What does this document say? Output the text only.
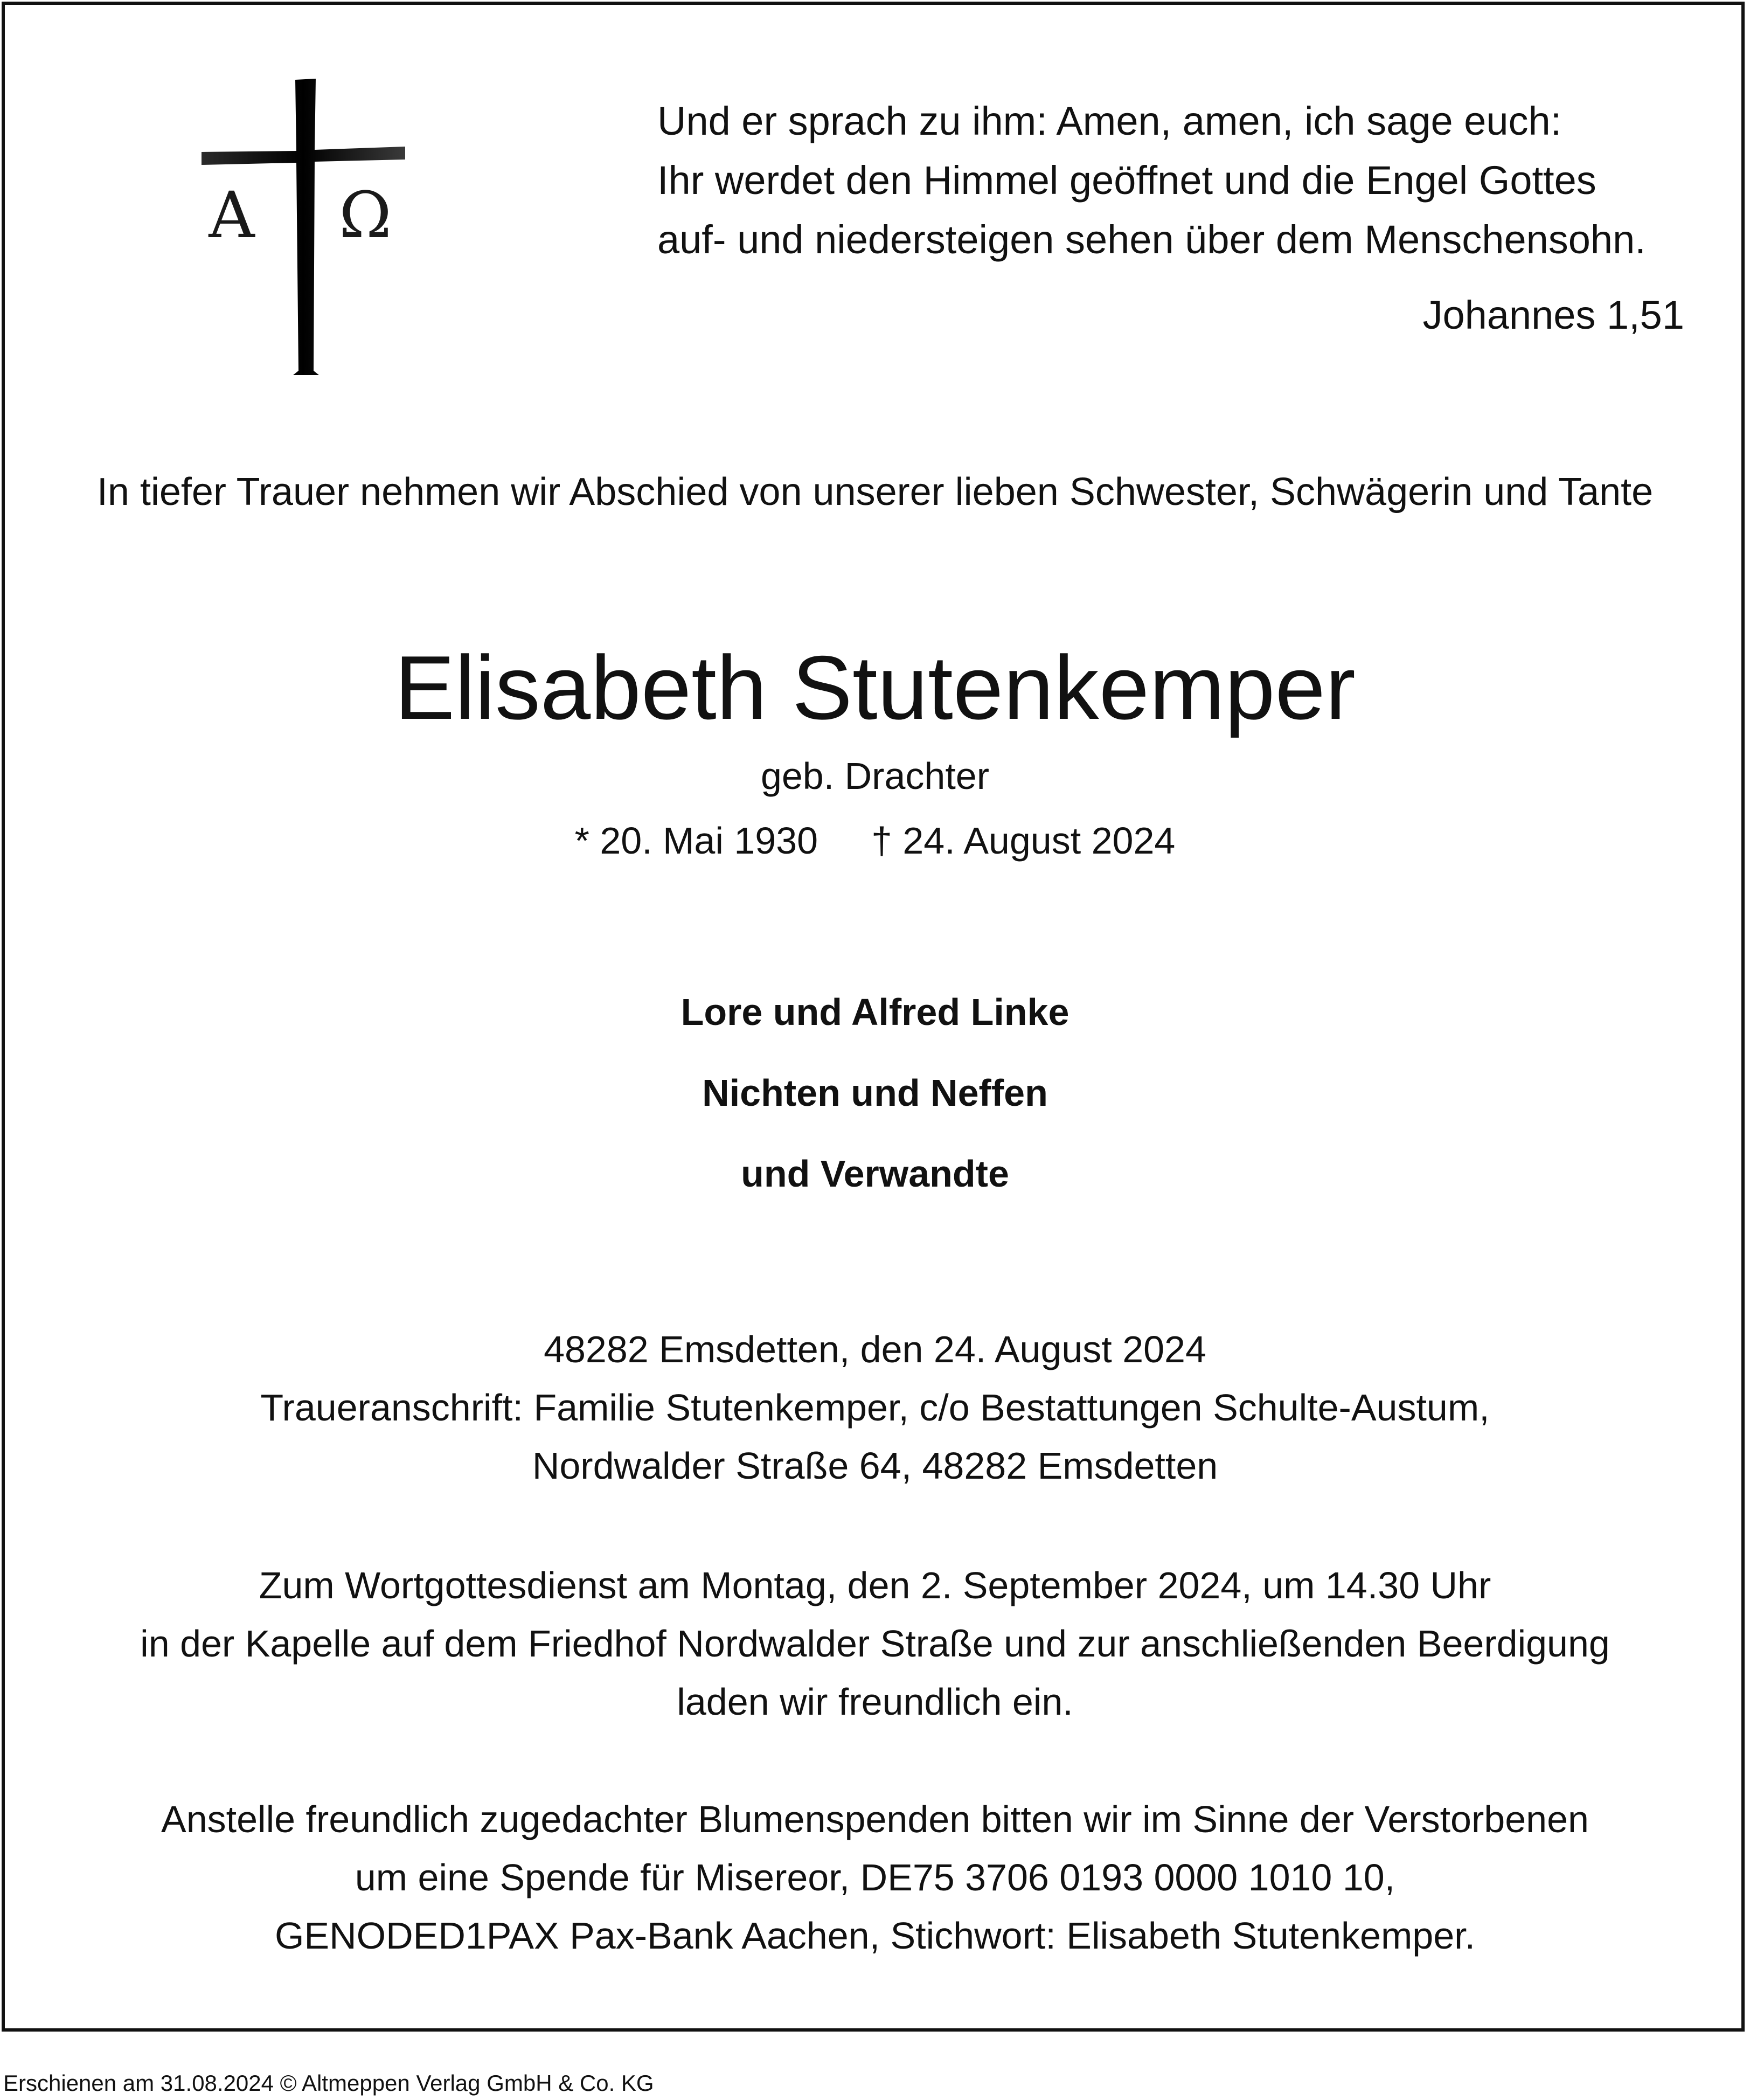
Α Ω
Und er sprach zu ihm: Amen, amen, ich sage euch:
Ihr werdet den Himmel geöffnet und die Engel Gottes
auf- und niedersteigen sehen über dem Menschensohn.
Johannes 1,51
In tiefer Trauer nehmen wir Abschied von unserer lieben Schwester, Schwägerin und Tante
Elisabeth Stutenkemper
geb. Drachter
* 20. Mai 1930 † 24. August 2024
Lore und Alfred Linke
Nichten und Neffen
und Verwandte
48282 Emsdetten, den 24. August 2024
Traueranschrift: Familie Stutenkemper, c/o Bestattungen Schulte-Austum,
Nordwalder Straße 64, 48282 Emsdetten
Zum Wortgottesdienst am Montag, den 2. September 2024, um 14.30 Uhr
in der Kapelle auf dem Friedhof Nordwalder Straße und zur anschließenden Beerdigung
laden wir freundlich ein.
Anstelle freundlich zugedachter Blumenspenden bitten wir im Sinne der Verstorbenen
um eine Spende für Misereor, DE75 3706 0193 0000 1010 10,
GENODED1PAX Pax-Bank Aachen, Stichwort: Elisabeth Stutenkemper.
Erschienen am 31.08.2024 © Altmeppen Verlag GmbH & Co. KG
